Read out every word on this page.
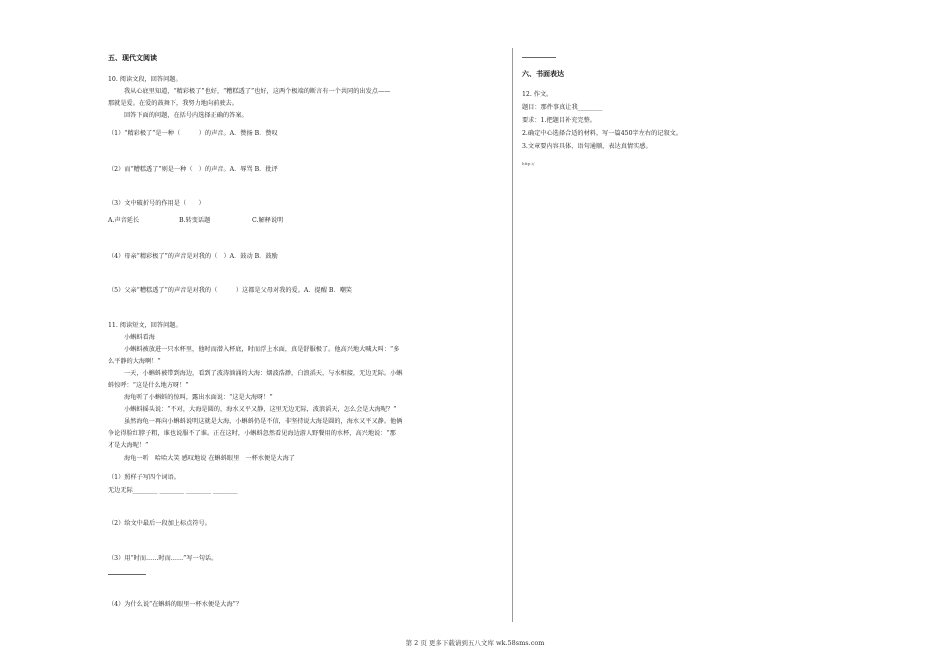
五、现代文阅读
10. 阅读文段，回答问题。
我从心底里知道，“精彩极了”也好，“糟糕透了”也好，这两个极端的断言有一个共同的出发点——
那就是爱。在爱的鼓舞下，我努力地向前驶去。
回答下面的问题，在括号内选择正确的答案。
（1）“精彩极了”是一种（　　　）的声音。A．赞扬 B．赞叹
（2）而“糟糕透了”则是一种（　）的声音。A．辱骂 B．批评
（3）文中破折号的作用是（　　）
A.声音延长	B.转变话题	C.解释说明
（4）母亲“精彩极了”的声音是对我的（　）A．鼓动 B．鼓励
（5）父亲“糟糕透了”的声音是对我的（　　　）这都是父母对我的爱。A．提醒 B．嘲笑
11. 阅读短文，回答问题。
小蝌蚪看海
小蝌蚪被放进一只水杯里，他时而潜入杯底，时而浮上水面，真是舒服极了。他高兴地大喊大叫：“多
么平静的大海啊！”
一天，小蝌蚪被带到海边，看到了波涛汹涌的大海：烟波浩渺，白浪滔天，与水相接，无边无际。小蝌
蚪惊呼：“这是什么地方呀！”
海龟听了小蝌蚪的惊叫，露出水面说：“这是大海呀！”
小蝌蚪摇头说：“不对，大海是圆的，海水又平又静，这里无边无际，波浪滔天，怎么会是大海呢？”
虽然海龟一再向小蝌蚪说明这就是大海，小蝌蚪仍是不信，非坚持说大海是圆的，海水又平又静。他俩
争论得脸红脖子粗，谁也说服不了谁。正在这时，小蝌蚪忽然看见海边游人野餐用的水杯，高兴地说：“那
才是大海呢！”
海龟一听　哈哈大笑 感叹地说 在蝌蚪眼里　一杯水便是大海了
（1）照样子写四个词语。
无边无际________ ________ ________ ________
（2）给文中最后一段加上标点符号。
（3）用“时而……时而……”写一句话。
（4）为什么说“在蝌蚪的眼里一杯水便是大海”？
六、书面表达
12. 作文。
题目：那件事真让我________
要求：1.把题目补充完整。
2.确定中心选择合适的材料，写一篇450字左右的记叙文。
3.文章要内容具体、语句通顺，表达真情实感。
http://
第 2 页 更多下载请到五八文库 wk.58sms.com
